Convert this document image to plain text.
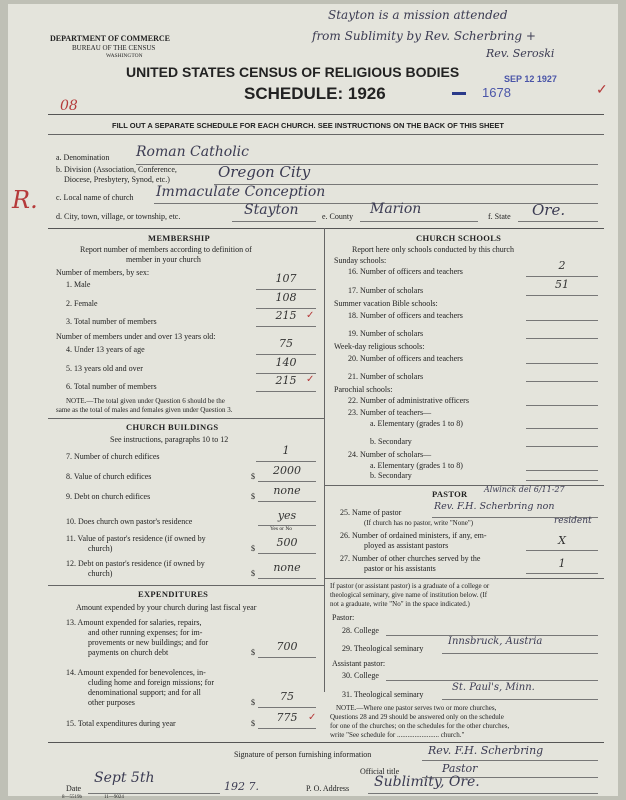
DEPARTMENT OF COMMERCE
BUREAU OF THE CENSUS
WASHINGTON
UNITED STATES CENSUS OF RELIGIOUS BODIES
SCHEDULE: 1926
SEP 12 1927
1678	✓
Stayton is a mission attended
from Sublimity by Rev. Scherbring +
Rev. Seroski
08
R.
FILL OUT A SEPARATE SCHEDULE FOR EACH CHURCH. SEE INSTRUCTIONS ON THE BACK OF THIS SHEET
a. Denomination Roman Catholic
b. Division (Association, Conference,
Diocese, Presbytery, Synod, etc.)	Oregon City
c. Local name of church Immaculate Conception
d. City, town, village, or township, etc.	Stayton	e. County Marion	f. State Ore.
MEMBERSHIP
Report number of members according to definition of
member in your church
Number of members, by sex:
1. Male	107
2. Female	108
3. Total number of members	215 ✓
Number of members under and over 13 years old:
4. Under 13 years of age	75
5. 13 years old and over	140
6. Total number of members	215 ✓
NOTE.—The total given under Question 6 should be the
same as the total of males and females given under Question 3.
CHURCH BUILDINGS
See instructions, paragraphs 10 to 12
7. Number of church edifices	1
8. Value of church edifices	$	2000
9. Debt on church edifices	$	none
10. Does church own pastor's residence	yes
Yes or No
11. Value of pastor's residence (if owned by
church)	$	500
12. Debt on pastor's residence (if owned by
church)	$	none
EXPENDITURES
Amount expended by your church during last fiscal year
13. Amount expended for salaries, repairs,
and other running expenses; for im-
provements or new buildings; and for
payments on church debt	$	700
14. Amount expended for benevolences, in-
cluding home and foreign missions; for
denominational support; and for all
other purposes	$	75
15. Total expenditures during year	$	775	✓
CHURCH SCHOOLS
Report here only schools conducted by this church
Sunday schools:
16. Number of officers and teachers	2
17. Number of scholars	51
Summer vacation Bible schools:
18. Number of officers and teachers
19. Number of scholars
Week-day religious schools:
20. Number of officers and teachers
21. Number of scholars
Parochial schools:
22. Number of administrative officers
23. Number of teachers—
a. Elementary (grades 1 to 8)
b. Secondary
24. Number of scholars—
a. Elementary (grades 1 to 8)
b. Secondary
PASTOR Alwinck del 6/11-27
25. Name of pastor
Rev. F.H. Scherbring non
(If church has no pastor, write "None")	resident
26. Number of ordained ministers, if any, em-
ployed as assistant pastors	X
27. Number of other churches served by the
pastor or his assistants	1
If pastor (or assistant pastor) is a graduate of a college or
theological seminary, give name of institution below. (If
not a graduate, write "No" in the space indicated.)
Pastor:
28. College
29. Theological seminary
Innsbruck, Austria
Assistant pastor:
30. College
31. Theological seminary
St. Paul's, Minn.
NOTE.—Where one pastor serves two or more churches,
Questions 28 and 29 should be answered only on the schedule
for one of the churches; on the schedules for the other churches,
write "See schedule for ........................ church."
Signature of person furnishing information	Rev. F.H. Scherbring
Official title	Pastor
Date
Sept 5th
192 7.	P. O. Address Sublimity, Ore.
8—5519b	11—9024
